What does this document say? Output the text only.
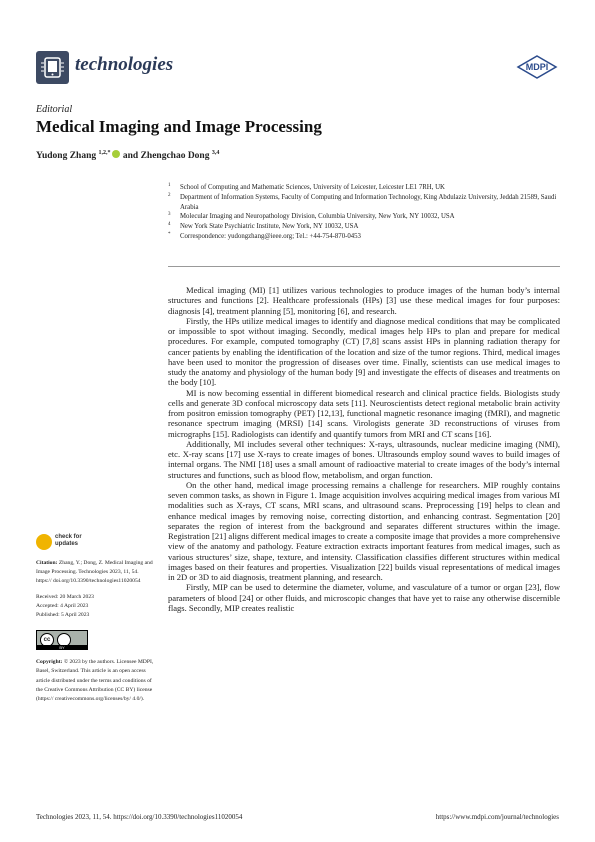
technologies	MDPI
Editorial
Medical Imaging and Image Processing
Yudong Zhang $^{1,2,*}$ and Zhengchao Dong $^{3,4}$
1 School of Computing and Mathematic Sciences, University of Leicester, Leicester LE1 7RH, UK
2 Department of Information Systems, Faculty of Computing and Information Technology, King Abdulaziz University, Jeddah 21589, Saudi Arabia
3 Molecular Imaging and Neuropathology Division, Columbia University, New York, NY 10032, USA
4 New York State Psychiatric Institute, New York, NY 10032, USA
* Correspondence: yudongzhang@ieee.org; Tel.: +44-754-870-0453

Medical imaging (MI) [1] utilizes various technologies to produce images of the human body’s internal structures and functions [2]. Healthcare professionals (HPs) [3] use these medical images for four purposes: diagnosis [4], treatment planning [5], monitoring [6], and research.

Firstly, the HPs utilize medical images to identify and diagnose medical conditions that may be complicated or impossible to spot without imaging. Secondly, medical images help HPs to plan and prepare for medical procedures. For example, computed tomography (CT) [7,8] scans assist HPs in planning radiation therapy for cancer patients by enabling the identification of the location and size of the tumor regions. Third, medical images have been used to monitor the progression of diseases over time. Finally, scientists can use medical images to study the anatomy and physiology of the human body [9] and investigate the effects of diseases and treatments on the body [10].

MI is now becoming essential in different biomedical research and clinical practice fields. Biologists study cells and generate 3D confocal microscopy data sets [11]. Neuroscientists detect regional metabolic brain activity from positron emission tomography (PET) [12,13], functional magnetic resonance imaging (fMRI), and magnetic resonance spectrum imaging (MRSI) [14] scans. Virologists generate 3D reconstructions of viruses from micrographs [15]. Radiologists can identify and quantify tumors from MRI and CT scans [16].

Additionally, MI includes several other techniques: X-rays, ultrasounds, nuclear medicine imaging (NMI), etc. X-ray scans [17] use X-rays to create images of bones. Ultrasounds employ sound waves to build images of internal organs. The NMI [18] uses a small amount of radioactive material to create images of the body’s internal structures and functions, such as blood flow, metabolism, and organ function.

On the other hand, medical image processing remains a challenge for researchers. MIP roughly contains seven common tasks, as shown in Figure 1. Image acquisition involves acquiring medical images from various MI modalities such as X-rays, CT scans, MRI scans, and ultrasound scans. Preprocessing [19] helps to clean and enhance medical images by removing noise, correcting distortion, and enhancing contrast. Segmentation [20] separates the region of interest from the background and separates different structures within the image. Registration [21] aligns different medical images to create a composite image that provides a more comprehensive view of the anatomy and pathology. Feature extraction extracts important features from medical images, such as various structures’ size, shape, texture, and intensity. Classification classifies different structures within medical images based on their features and properties. Visualization [22] builds visual representations of medical images in 2D or 3D to aid diagnosis, treatment planning, and research.

Firstly, MIP can be used to determine the diameter, volume, and vasculature of a tumor or organ [23], flow parameters of blood [24] or other fluids, and microscopic changes that have yet to raise any otherwise discernible flags. Secondly, MIP creates realistic

check for
updates
Citation: Zhang, Y.; Dong, Z. Medical Imaging and Image Processing. Technologies 2023, 11, 54. https:// doi.org/10.3390/technologies11020054
Received: 20 March 2023
Accepted: 4 April 2023
Published: 5 April 2023
cc
BY
Copyright: © 2023 by the authors. Licensee MDPI, Basel, Switzerland. This article is an open access article distributed under the terms and conditions of the Creative Commons Attribution (CC BY) license (https:// creativecommons.org/licenses/by/ 4.0/).
Technologies 2023, 11, 54. https://doi.org/10.3390/technologies11020054	https://www.mdpi.com/journal/technologies
